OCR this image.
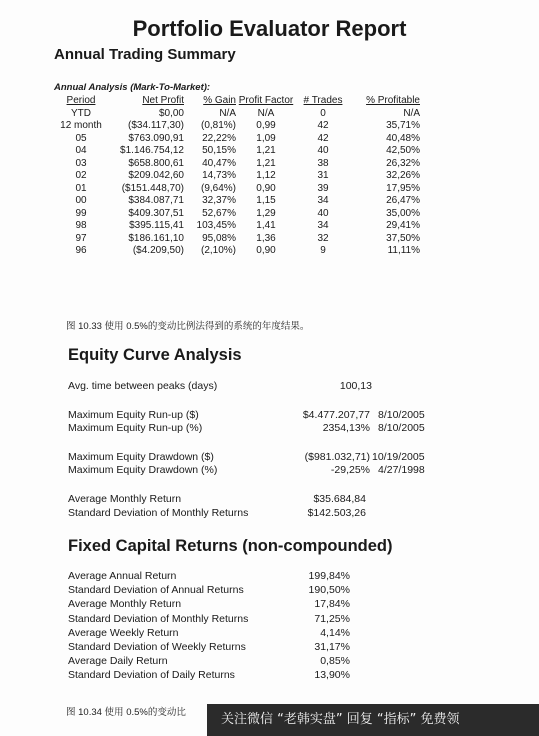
Portfolio Evaluator Report
Annual Trading Summary
Annual Analysis (Mark-To-Market):
Period	Net Profit	% Gain	Profit Factor	# Trades	% Profitable
YTD	$0,00	N/A	N/A	0	N/A
12 month	($34.117,30)	(0,81%)	0,99	42	35,71%
05	$763.090,91	22,22%	1,09	42	40,48%
04	$1.146.754,12	50,15%	1,21	40	42,50%
03	$658.800,61	40,47%	1,21	38	26,32%
02	$209.042,60	14,73%	1,12	31	32,26%
01	($151.448,70)	(9,64%)	0,90	39	17,95%
00	$384.087,71	32,37%	1,15	34	26,47%
99	$409.307,51	52,67%	1,29	40	35,00%
98	$395.115,41	103,45%	1,41	34	29,41%
97	$186.161,10	95,08%	1,36	32	37,50%
96	($4.209,50)	(2,10%)	0,90	9	11,11%
图 10.33 使用 0.5%的变动比例法得到的系统的年度结果。
Equity Curve Analysis
Avg. time between peaks (days)	100,13
Maximum Equity Run-up ($)	$4.477.207,77 8/10/2005
Maximum Equity Run-up (%)	2354,13% 8/10/2005
Maximum Equity Drawdown ($)	($981.032,71) 10/19/2005
Maximum Equity Drawdown (%)	-29,25% 4/27/1998
Average Monthly Return	$35.684,84
Standard Deviation of Monthly Returns	$142.503,26
Fixed Capital Returns (non-compounded)
Average Annual Return	199,84%
Standard Deviation of Annual Returns	190,50%
Average Monthly Return	17,84%
Standard Deviation of Monthly Returns	71,25%
Average Weekly Return	4,14%
Standard Deviation of Weekly Returns	31,17%
Average Daily Return	0,85%
Standard Deviation of Daily Returns	13,90%
图 10.34 使用 0.5%的变动比	关注微信 “老韩实盘” 回复 “指标” 免费领
